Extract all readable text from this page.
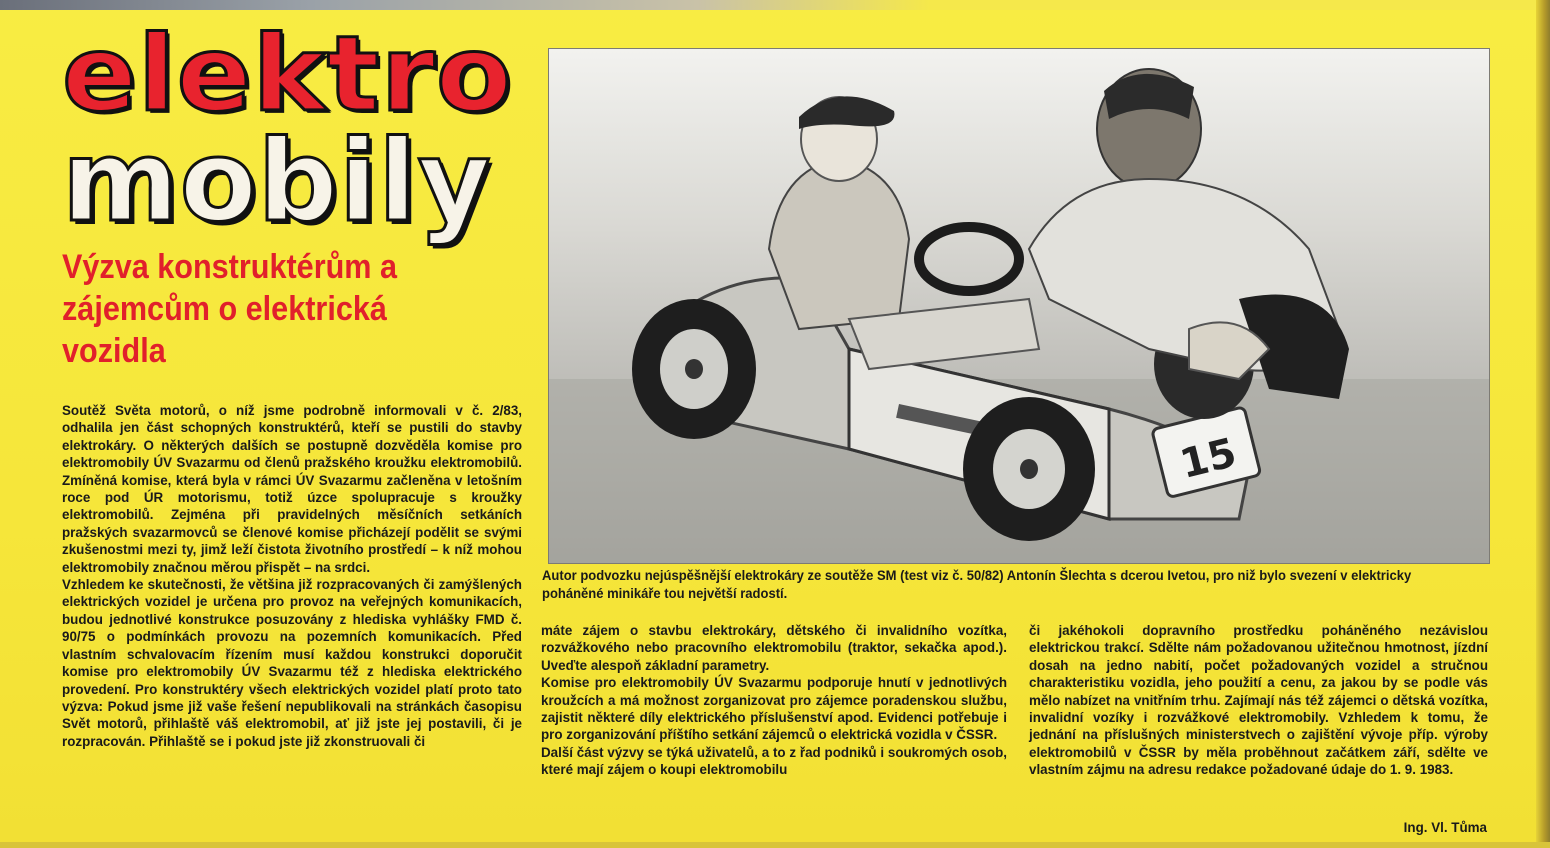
elektro
mobily
Výzva konstruktérům a zájemcům o elektrická vozidla

Soutěž Světa motorů, o níž jsme podrobně informovali v č. 2/83, odhalila jen část schopných konstruktérů, kteří se pustili do stavby elektrokáry. O některých dalších se postupně dozvěděla komise pro elektromobily ÚV Svazarmu od členů pražského kroužku elektromobilů. Zmíněná komise, která byla v rámci ÚV Svazarmu začleněna v letošním roce pod ÚR motorismu, totiž úzce spolupracuje s kroužky elektromobilů. Zejména při pravidelných měsíčních setkáních pražských svazarmovců se členové komise přicházejí podělit se svými zkušenostmi mezi ty, jimž leží čistota životního prostředí – k níž mohou elektromobily značnou měrou přispět – na srdci.

Vzhledem ke skutečnosti, že většina již rozpracovaných či zamýšlených elektrických vozidel je určena pro provoz na veřejných komunikacích, budou jednotlivé konstrukce posuzovány z hlediska vyhlášky FMD č. 90/75 o podmínkách provozu na pozemních komunikacích. Před vlastním schvalovacím řízením musí každou konstrukci doporučit komise pro elektromobily ÚV Svazarmu též z hlediska elektrického provedení. Pro konstruktéry všech elektrických vozidel platí proto tato výzva: Pokud jsme již vaše řešení nepublikovali na stránkách časopisu Svět motorů, přihlaště váš elektromobil, ať již jste jej postavili, či je rozpracován. Přihlaště se i pokud jste již zkonstruovali či

15

Autor podvozku nejúspěšnější elektrokáry ze soutěže SM (test viz č. 50/82) Antonín Šlechta s dcerou Ivetou, pro niž bylo svezení v elektricky poháněné minikáře tou největší radostí.

máte zájem o stavbu elektrokáry, dětského či invalidního vozítka, rozvážkového nebo pracovního elektromobilu (traktor, sekačka apod.). Uveďte alespoň základní parametry.

Komise pro elektromobily ÚV Svazarmu podporuje hnutí v jednotlivých kroužcích a má možnost zorganizovat pro zájemce poradenskou službu, zajistit některé díly elektrického příslušenství apod. Evidenci potřebuje i pro zorganizování příštího setkání zájemců o elektrická vozidla v ČSSR.

Další část výzvy se týká uživatelů, a to z řad podniků i soukromých osob, které mají zájem o koupi elektromobilu

či jakéhokoli dopravního prostředku poháněného nezávislou elektrickou trakcí. Sdělte nám požadovanou užitečnou hmotnost, jízdní dosah na jedno nabití, počet požadovaných vozidel a stručnou charakteristiku vozidla, jeho použití a cenu, za jakou by se podle vás mělo nabízet na vnitřním trhu. Zajímají nás též zájemci o dětská vozítka, invalidní vozíky i rozvážkové elektromobily. Vzhledem k tomu, že jednání na příslušných ministerstvech o zajištění vývoje příp. výroby elektromobilů v ČSSR by měla proběhnout začátkem září, sdělte ve vlastním zájmu na adresu redakce požadované údaje do 1. 9. 1983.

Ing. Vl. Tůma
